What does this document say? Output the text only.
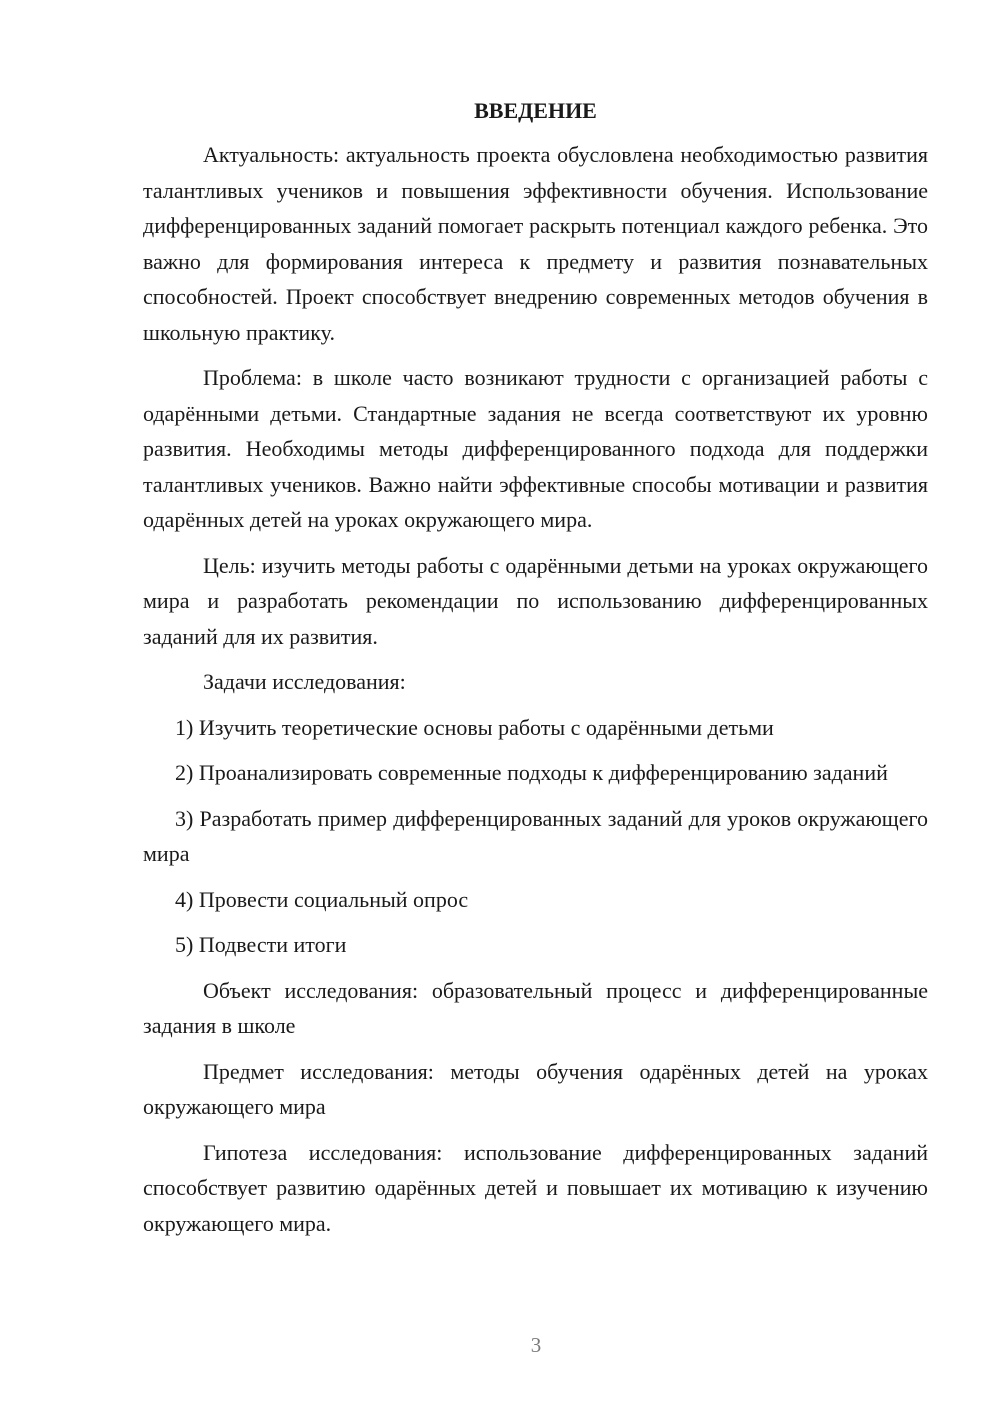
ВВЕДЕНИЕ

Актуальность: актуальность проекта обусловлена необходимостью развития талантливых учеников и повышения эффективности обучения. Использование дифференцированных заданий помогает раскрыть потенциал каждого ребенка. Это важно для формирования интереса к предмету и развития познавательных способностей. Проект способствует внедрению современных методов обучения в школьную практику.

Проблема: в школе часто возникают трудности с организацией работы с одарёнными детьми. Стандартные задания не всегда соответствуют их уровню развития. Необходимы методы дифференцированного подхода для поддержки талантливых учеников. Важно найти эффективные способы мотивации и развития одарённых детей на уроках окружающего мира.

Цель: изучить методы работы с одарёнными детьми на уроках окружающего мира и разработать рекомендации по использованию дифференцированных заданий для их развития.

Задачи исследования:

1) Изучить теоретические основы работы с одарёнными детьми

2) Проанализировать современные подходы к дифференцированию заданий

3) Разработать пример дифференцированных заданий для уроков окружающего мира

4) Провести социальный опрос

5) Подвести итоги

Объект исследования: образовательный процесс и дифференцированные задания в школе

Предмет исследования: методы обучения одарённых детей на уроках окружающего мира

Гипотеза исследования: использование дифференцированных заданий способствует развитию одарённых детей и повышает их мотивацию к изучению окружающего мира.

3
